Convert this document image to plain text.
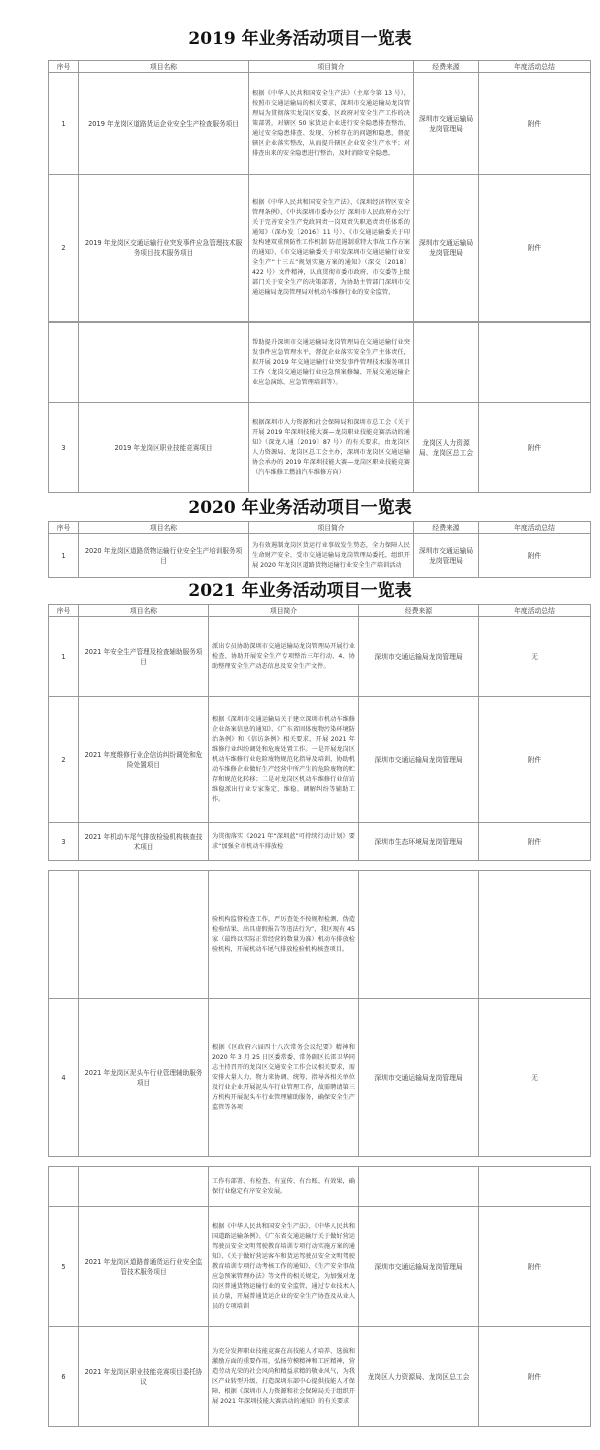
2019 年业务活动项目一览表
序号	项目名称	项目简介	经费来源	年度活动总结
1	2019 年龙岗区道路货运企业安全生产检查服务项目	根据《中华人民共和国安全生产法》（主席令第 13 号），按照市交通运输局的相关要求，深圳市交通运输局龙岗管理局为贯彻落实龙岗区安委、区政府对安全生产工作的决策部署，对辖区 50 家货运企业进行安全隐患排查整治，通过安全隐患排查、发现、分析存在的问题和隐患，督促辖区企业落实整改，从而提升辖区企业安全生产水平；对排查出来的安全隐患进行整治，及时消除安全隐患。	深圳市交通运输局龙岗管理局	附件
2	2019 年龙岗区交通运输行业突发事件应急管理技术服务项目技术服务项目	根据《中华人民共和国安全生产法》、《深圳经济特区安全管理条例》、《中共深圳市委办公厅 深圳市人民政府办公厅关于完善安全生产党政同责一岗双责失职追责责任体系的通知》（深办发〔2016〕11 号）、《市交通运输委关于印发构建双重预防性工作机制 防范遏制重特大事故工作方案的通知》、《市交通运输委关于印发深圳市交通运输行业安全生产“十三五”规划实施方案的通知》（深交〔2018〕422 号）文件精神，认真贯彻市委市政府、市交委等上级部门关于安全生产的决策部署，为协助主管部门深圳市交通运输局龙岗管理局对机动车维修行业的安全监管，	深圳市交通运输局龙岗管理局	附件
		帮助提升深圳市交通运输局龙岗管理局在交通运输行业突发事件应急管理水平，督促企业落实安全生产主体责任，拟开展 2019 年交通运输行业突发事件管理技术服务项目工作（龙岗交通运输行业应急预案修编、开展交通运输企业应急演练、应急管理培训等）。		
3	2019 年龙岗区职业技能竞赛项目	根据深圳市人力资源和社会保障局和深圳市总工会《关于开展 2019 年深圳技能大赛—龙岗职业技能竞赛活动的通知》（深龙人通〔2019〕87 号）的有关要求，由龙岗区人力资源局、龙岗区总工会主办，深圳市龙岗区交通运输协会承办的 2019 年深圳技能大赛—龙岗区职业技能竞赛（汽车维修工燃油汽车维修方向）	龙岗区人力资源局、龙岗区总工会	附件
2020 年业务活动项目一览表
序号	项目名称	项目简介	经费来源	年度活动总结
1	2020 年龙岗区道路货物运输行业安全生产培训服务项目	为有效遏制龙岗区货运行业事故发生势态，全力保障人民生命财产安全，受市交通运输局龙岗管理局委托，组织开展 2020 年龙岗区道路货物运输行业安全生产培训活动	深圳市交通运输局龙岗管理局	附件
2021 年业务活动项目一览表
序号	项目名称	项目简介	经费来源	年度活动总结
1	2021 年安全生产管理及检查辅助服务项目	派出专员协助深圳市交通运输局龙岗管理局开展行业检查、协助开展安全生产专项整治三年行动、4、协助整理安全生产动态信息及安全生产文件。	深圳市交通运输局龙岗管理局	无
2	2021 年度维修行业企信访纠纷调处和危险处置项目	根据《深圳市交通运输局关于建立深圳市机动车维修企业备案信息的通知》、《广东省固体废物污染环境防治条例》和《信访条例》相关要求，开展 2021 年维修行业纠纷调处和危废处置工作。一是开展龙岗区机动车维修行业危险废物规范化指导及培训，协助机动车维修企业做好生产经营中所产生的危险废物的贮存和规范化转移；二是对龙岗区机动车维修行业信访维稳派出行业专家鉴定、维稳、调解纠纷等辅助工作。	深圳市交通运输局龙岗管理局	附件
3	2021 年机动车尾气排放检验机构核查技术项目	为贯彻落实《2021 年“深圳蓝”可持续行动计划》要求“加强全市机动车排放检	深圳市生态环境局龙岗管理局	附件
		验机构监督检查工作，严厉查处不按规程检测、伪造检验结果、出具虚假报告等违法行为”，我区现有 45 家（最终以实际正常经营的数量为准）机动车排放检验机构，开展机动车尾气排放检验机构核查项目。		
4	2021 年龙岗区泥头车行业管理辅助服务项目	根据《区政府六届四十八次常务会议纪要》精神和 2020 年 3 月 25 日区委常委、常务副区长雷卫华同志主持召开的龙岗区交通安全工作会议相关要求，需安排大量人力、物力来协调、统筹、指导各相关单位及行业企业开展泥头车行业管理工作，故需聘请第三方机构开展泥头车行业管理辅助服务，确保安全生产监管等各项	深圳市交通运输局龙岗管理局	无
		工作有部署、有检查、有宣传、有台账、有效果，确保行业稳定有序安全发展。		
5	2021 年龙岗区道路普通货运行业安全监管技术服务项目	根据《中华人民共和国安全生产法》、《中华人民共和国道路运输条例》、《广东省交通运输厅关于做好营运驾驶员安全文明驾驶教育培训专项行动实施方案的通知》、《关于做好营运客车和货运驾驶员安全文明驾驶教育培训专项行动考核工作的通知》、《生产安全事故应急预案管理办法》等文件的相关规定，为加强对龙岗区普通货物运输行业的安全监管，通过专业技术人员力量，开展普通货运企业的安全生产协查及从业人员的专项培训	深圳市交通运输局龙岗管理局	附件
6	2021 年龙岗区职业技能竞赛项目委托协议	为充分发挥职业技能竞赛在高技能人才培养、选拔和激励方面的重要作用，弘扬劳模精神和工匠精神，营造劳动光荣的社会风尚和精益求精的敬业风气，为我区产业转型升级、打造深圳东部中心提供技能人才保障，根据《深圳市人力资源和社会保障局关于组织开展 2021 年深圳技能大赛活动的通知》的有关要求	龙岗区人力资源局、龙岗区总工会	附件
